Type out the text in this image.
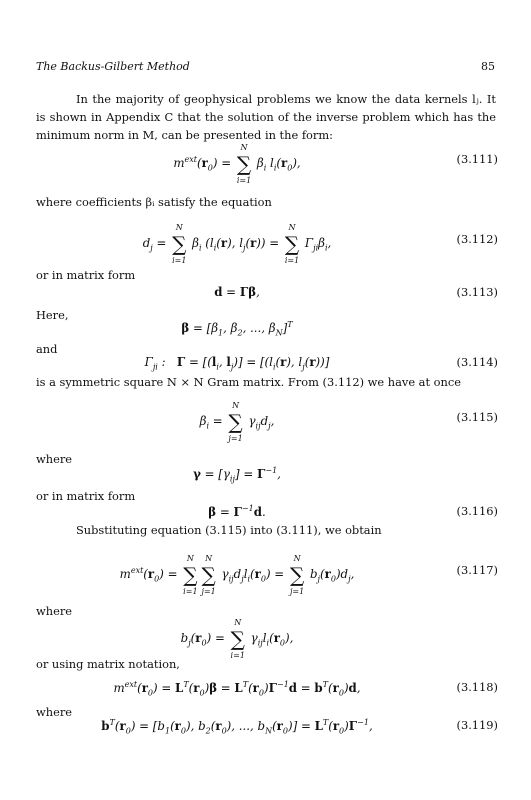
The Backus-Gilbert Method	85
In the majority of geophysical problems we know the data kernels lⱼ. It is shown in Appendix C that the solution of the inverse problem which has the minimum norm in M, can be presented in the form:
$m^{ext}(r_0)$ = ∑
N
i=1
$\beta_i$ $l_i(r_0)$,	(3.111)
where coefficients βᵢ satisfy the equation
$d_j$ = ∑
N
i=1
$\beta_i$ ($l_i(r)$, $l_j(r)$) = ∑
N
i=1
$\Gamma_{ji}\beta_i$,	(3.112)
or in matrix form
d = Γβ,	(3.113)
Here,
$\beta = [\beta_1$, $\beta_2$, ..., $\beta_N]^T$
and
$\Gamma_{ji}$ :   $\Gamma = [(l_i$, $l_j)] = [(l_i(r)$, $l_j(r)$)]	(3.114)
is a symmetric square N × N Gram matrix. From (3.112) we have at once
$\beta_i$ = ∑
N
j=1
$\gamma_{ij}d_j$,	(3.115)
where
$\gamma = [\gamma_{ij}] = \Gamma^{-1}$,
or in matrix form
$\beta = \Gamma^{-1}d$.	(3.116)
Substituting equation (3.115) into (3.111), we obtain
$m^{ext}(r_0)$ = ∑
N
i=1
∑
N
j=1
$\gamma_{ij}d_jl_i(r_0)$ = ∑
N
j=1
$b_j(r_0)d_j$,	(3.117)
where
$b_j(r_0)$ = ∑
N
i=1
$\gamma_{ij}l_i(r_0)$,
or using matrix notation,
$m^{ext}(r_0) = L^T(r_0)\beta = L^T(r_0)\Gamma^{-1}d = b^T(r_0)d$,	(3.118)
where
$b^T(r_0) = [b_1(r_0)$, $b_2(r_0)$, ..., $b_N(r_0)] = L^T(r_0)\Gamma^{-1}$,	(3.119)
